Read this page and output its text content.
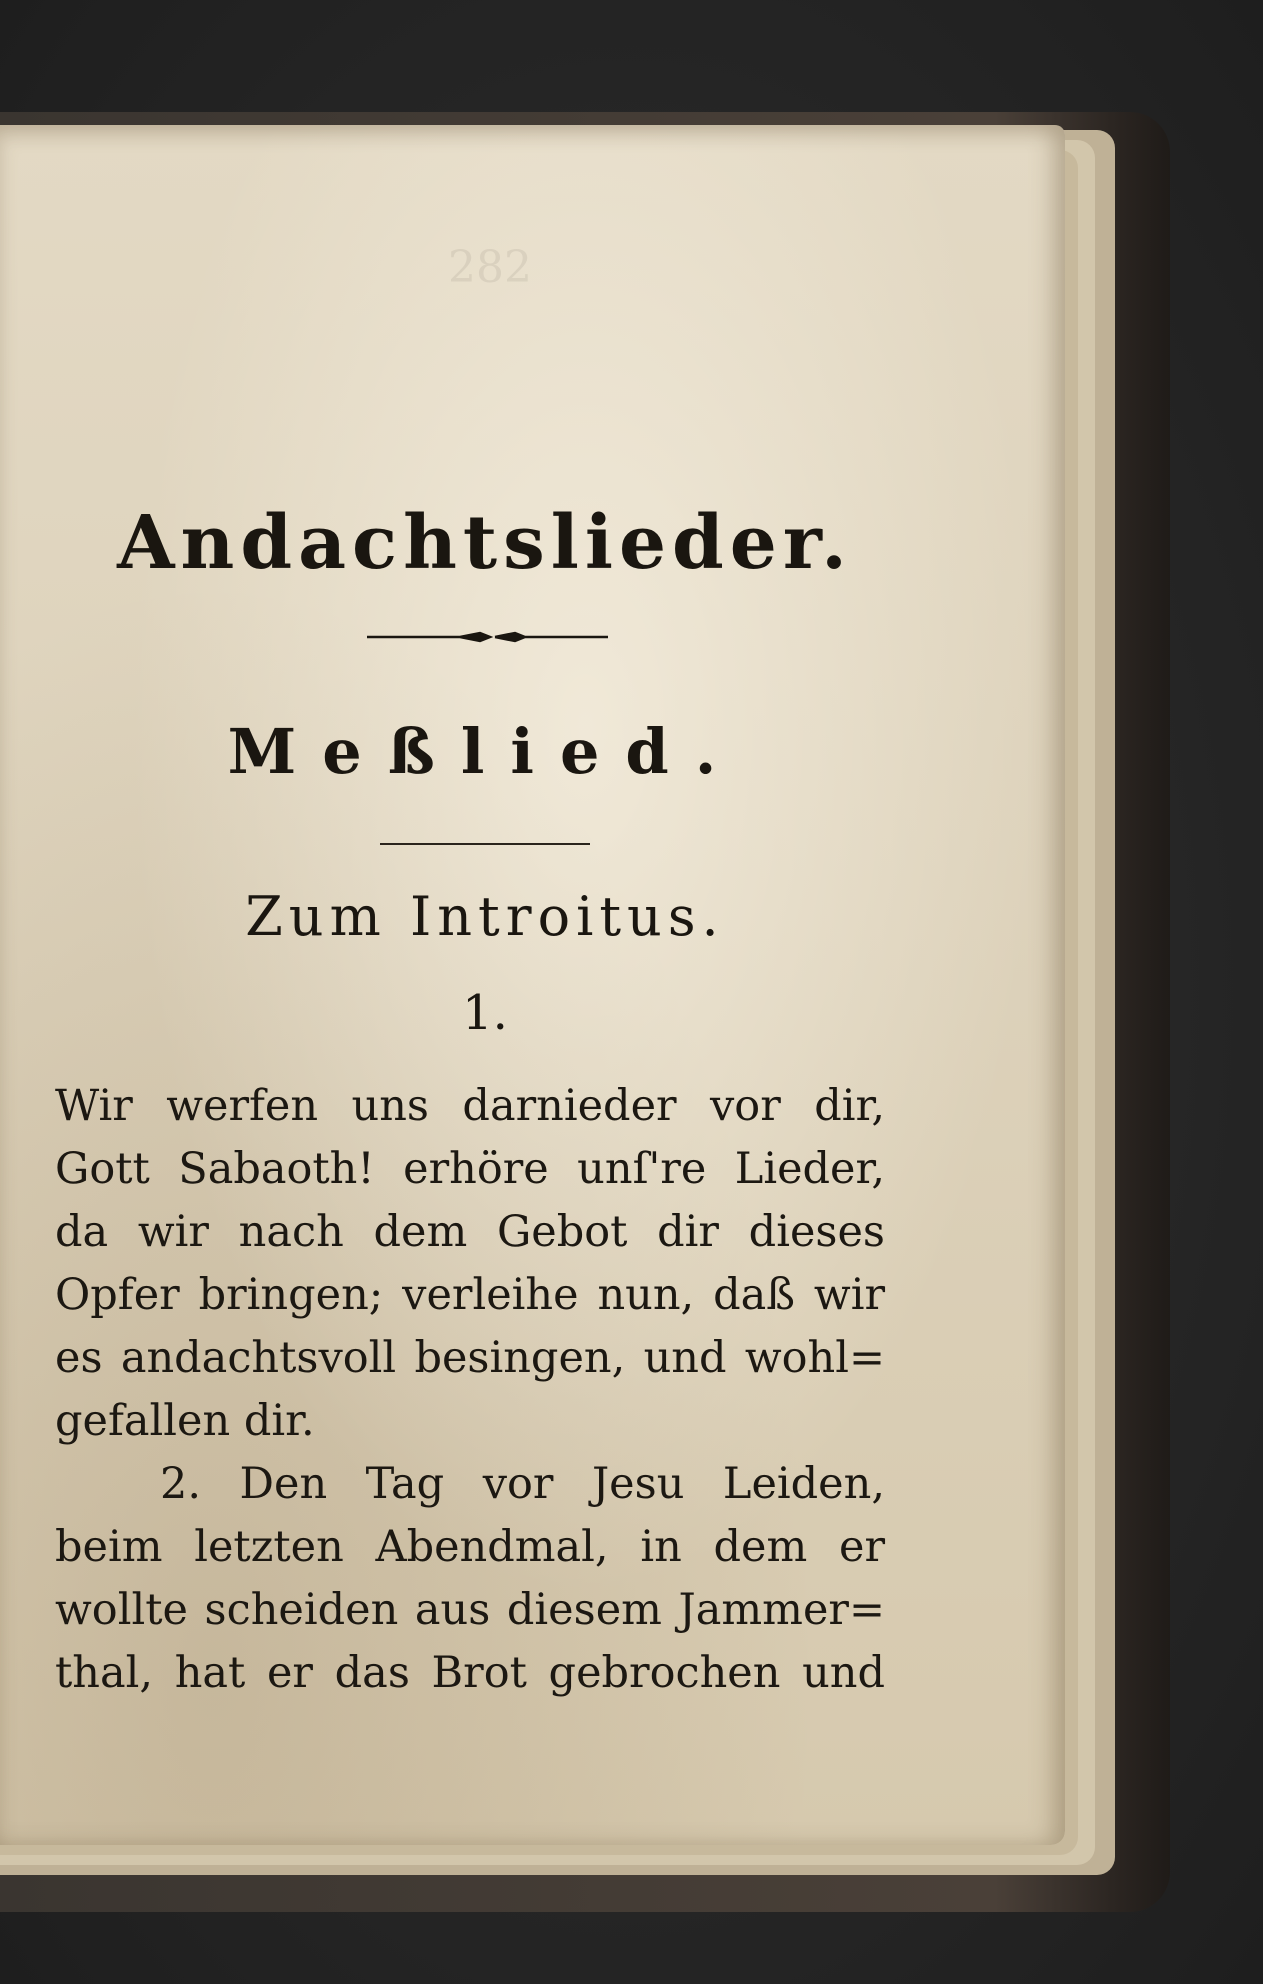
282
Andachtslieder.
Meßlied.
Zum Introitus.
1.
Wir werfen uns darnieder vor dir,
Gott Sabaoth! erhöre unſ're Lieder,
da wir nach dem Gebot dir dieses
Opfer bringen; verleihe nun, daß wir
es andachtsvoll besingen, und wohl=
gefallen dir.
2. Den Tag vor Jesu Leiden,
beim letzten Abendmal, in dem er
wollte scheiden aus diesem Jammer=
thal, hat er das Brot gebrochen und
